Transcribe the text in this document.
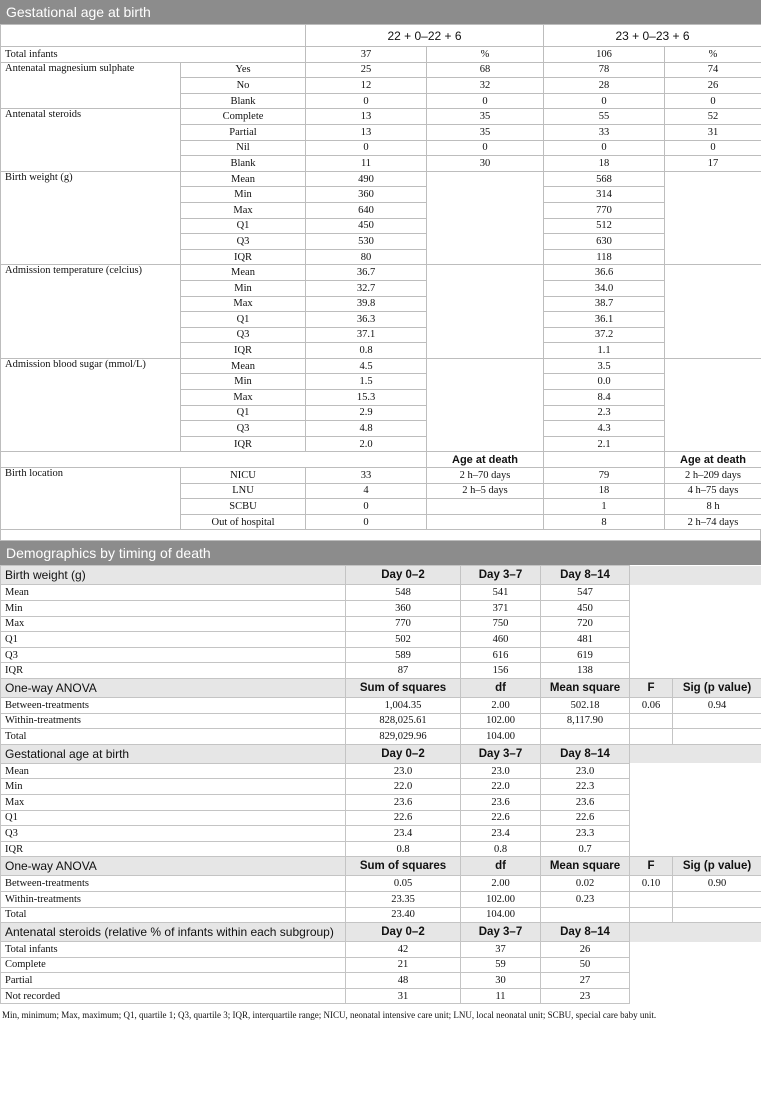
Gestational age at birth
		22 + 0–22 + 6		23 + 0–23 + 6	
Total infants		37	%	106	%
Antenatal magnesium sulphate	Yes	25	68	78	74
	No	12	32	28	26
	Blank	0	0	0	0
Antenatal steroids	Complete	13	35	55	52
	Partial	13	35	33	31
	Nil	0	0	0	0
	Blank	11	30	18	17
Birth weight (g)	Mean	490		568	
	Min	360		314	
	Max	640		770	
	Q1	450		512	
	Q3	530		630	
	IQR	80		118	
Admission temperature (celcius)	Mean	36.7		36.6	
	Min	32.7		34.0	
	Max	39.8		38.7	
	Q1	36.3		36.1	
	Q3	37.1		37.2	
	IQR	0.8		1.1	
Admission blood sugar (mmol/L)	Mean	4.5		3.5	
	Min	1.5		0.0	
	Max	15.3		8.4	
	Q1	2.9		2.3	
	Q3	4.8		4.3	
	IQR	2.0		2.1	
			Age at death		Age at death
Birth location	NICU	33	2 h–70 days	79	2 h–209 days
	LNU	4	2 h–5 days	18	4 h–75 days
	SCBU	0		1	8 h
	Out of hospital	0		8	2 h–74 days
Demographics by timing of death
Birth weight (g)	Day 0–2	Day 3–7	Day 8–14		
Mean	548	541	547		
Min	360	371	450		
Max	770	750	720		
Q1	502	460	481		
Q3	589	616	619		
IQR	87	156	138		
One-way ANOVA	Sum of squares	df	Mean square	F	Sig (p value)
Between-treatments	1,004.35	2.00	502.18	0.06	0.94
Within-treatments	828,025.61	102.00	8,117.90		
Total	829,029.96	104.00			
Gestational age at birth	Day 0–2	Day 3–7	Day 8–14		
Mean	23.0	23.0	23.0		
Min	22.0	22.0	22.3		
Max	23.6	23.6	23.6		
Q1	22.6	22.6	22.6		
Q3	23.4	23.4	23.3		
IQR	0.8	0.8	0.7		
One-way ANOVA	Sum of squares	df	Mean square	F	Sig (p value)
Between-treatments	0.05	2.00	0.02	0.10	0.90
Within-treatments	23.35	102.00	0.23		
Total	23.40	104.00			
Antenatal steroids (relative % of infants within each subgroup)	Day 0–2	Day 3–7	Day 8–14		
Total infants	42	37	26		
Complete	21	59	50		
Partial	48	30	27		
Not recorded	31	11	23		
Min, minimum; Max, maximum; Q1, quartile 1; Q3, quartile 3; IQR, interquartile range; NICU, neonatal intensive care unit; LNU, local neonatal unit; SCBU, special care baby unit.
